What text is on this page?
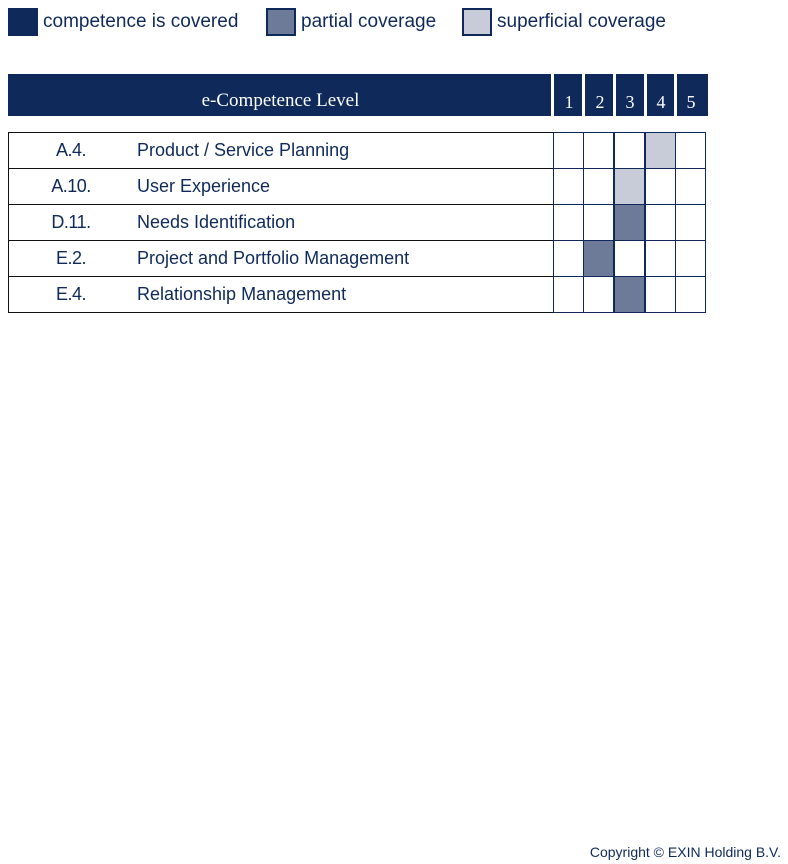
competence is covered	partial coverage	superficial coverage
e-Competence Level	1	2	3	4	5
A.4.	Product / Service Planning
A.10.	User Experience
D.11.	Needs Identification
E.2.	Project and Portfolio Management
E.4.	Relationship Management
Copyright © EXIN Holding B.V.
